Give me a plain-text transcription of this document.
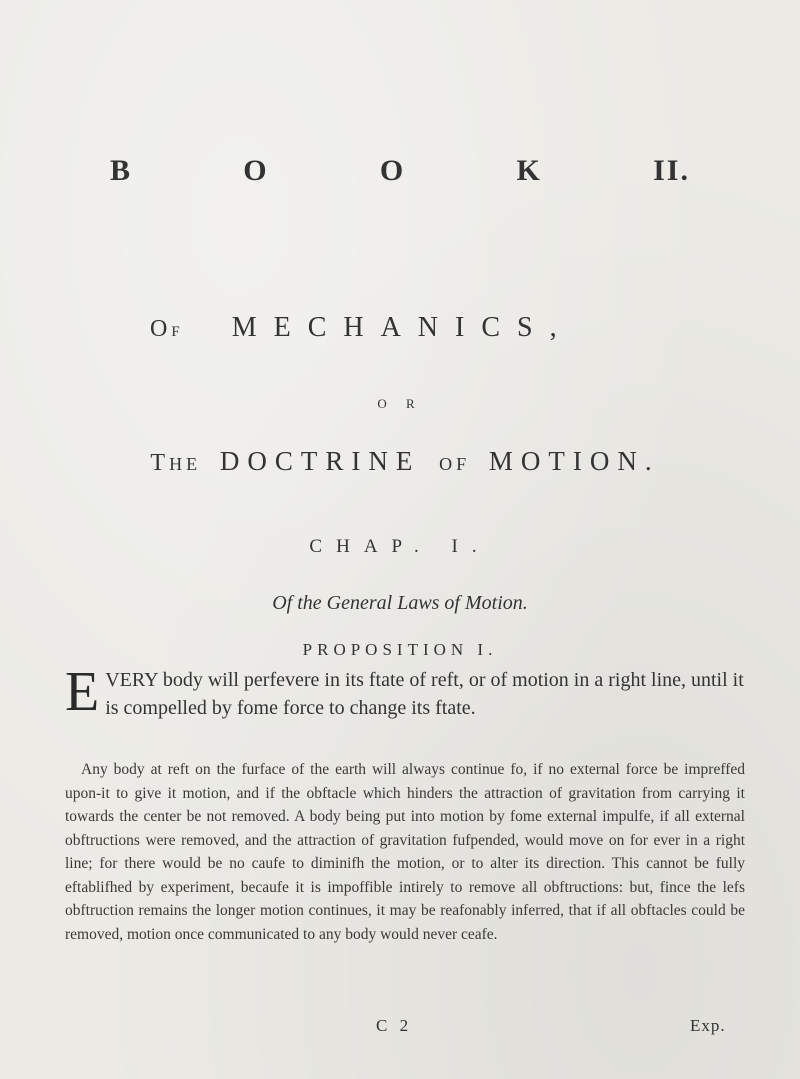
B	O	O	K	II.
OF MECHANICS,
O R
THE DOCTRINE OF MOTION.
CHAP. I.
Of the General Laws of Motion.
PROPOSITION I.
E VERY body will perfevere in its ftate of reft, or of motion in a right line, until it is compelled by fome force to change its ftate.
Any body at reft on the furface of the earth will always continue fo, if no external force be impreffed upon-it to give it motion, and if the obftacle which hinders the attraction of gravitation from carrying it towards the center be not removed. A body being put into motion by fome external impulfe, if all external obftructions were removed, and the attraction of gravitation fufpended, would move on for ever in a right line; for there would be no caufe to diminifh the motion, or to alter its direction. This cannot be fully eftablifhed by experiment, becaufe it is impoffible intirely to remove all obftructions: but, fince the lefs obftruction remains the longer motion continues, it may be reafonably inferred, that if all obftacles could be removed, motion once communicated to any body would never ceafe.
C 2	Exp.
